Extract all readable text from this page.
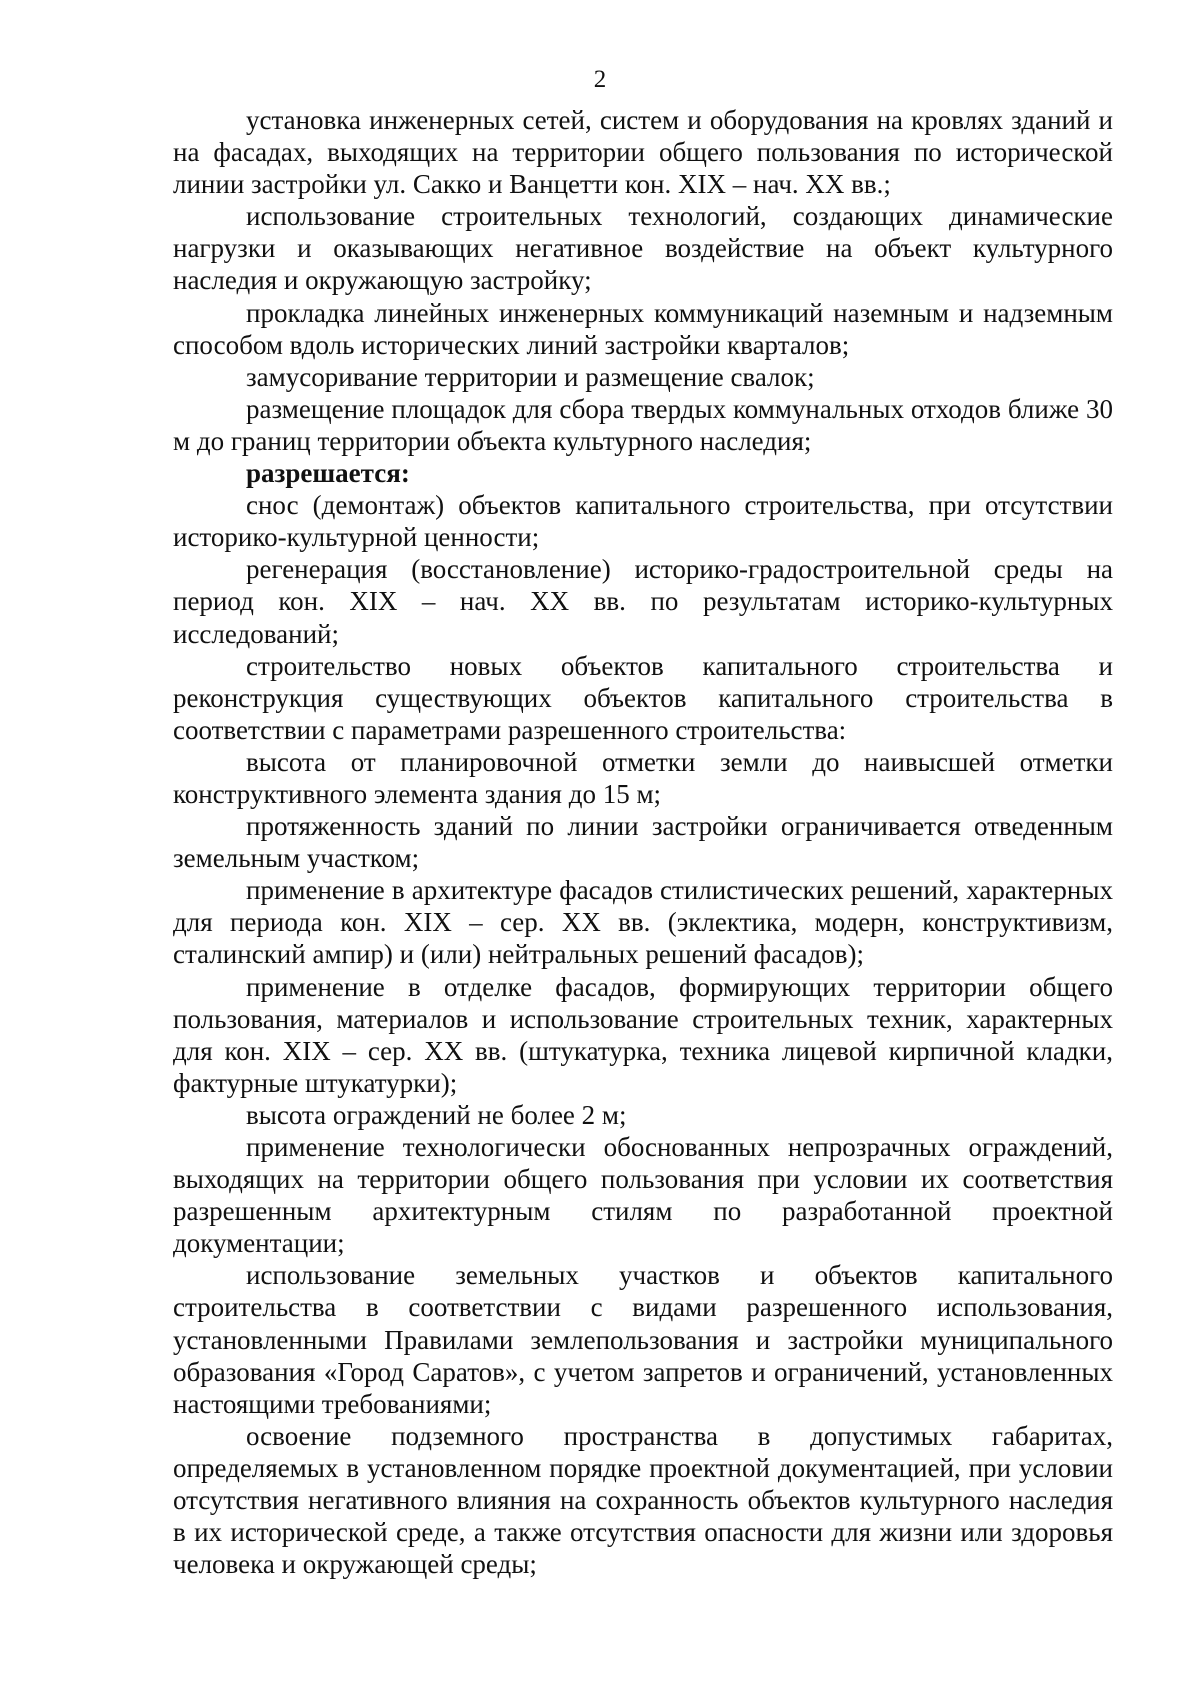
2

установка инженерных сетей, систем и оборудования на кровлях зданий и на фасадах, выходящих на территории общего пользования по исторической линии застройки ул. Сакко и Ванцетти кон. XIX – нач. XX вв.;

использование строительных технологий, создающих динамические нагрузки и оказывающих негативное воздействие на объект культурного наследия и окружающую застройку;

прокладка линейных инженерных коммуникаций наземным и надземным способом вдоль исторических линий застройки кварталов;

замусоривание территории и размещение свалок;

размещение площадок для сбора твердых коммунальных отходов ближе 30 м до границ территории объекта культурного наследия;

разрешается:

снос (демонтаж) объектов капитального строительства, при отсутствии историко-культурной ценности;

регенерация (восстановление) историко-градостроительной среды на период кон. XIX – нач. XX вв. по результатам историко-культурных исследований;

строительство новых объектов капитального строительства и реконструкция существующих объектов капитального строительства в соответствии с параметрами разрешенного строительства:

высота от планировочной отметки земли до наивысшей отметки конструктивного элемента здания до 15 м;

протяженность зданий по линии застройки ограничивается отведенным земельным участком;

применение в архитектуре фасадов стилистических решений, характерных для периода кон. XIX – сер. XX вв. (эклектика, модерн, конструктивизм, сталинский ампир) и (или) нейтральных решений фасадов);

применение в отделке фасадов, формирующих территории общего пользования, материалов и использование строительных техник, характерных для кон. XIX – сер. XX вв. (штукатурка, техника лицевой кирпичной кладки, фактурные штукатурки);

высота ограждений не более 2 м;

применение технологически обоснованных непрозрачных ограждений, выходящих на территории общего пользования при условии их соответствия разрешенным архитектурным стилям по разработанной проектной документации;

использование земельных участков и объектов капитального строительства в соответствии с видами разрешенного использования, установленными Правилами землепользования и застройки муниципального образования «Город Саратов», с учетом запретов и ограничений, установленных настоящими требованиями;

освоение подземного пространства в допустимых габаритах, определяемых в установленном порядке проектной документацией, при условии отсутствия негативного влияния на сохранность объектов культурного наследия в их исторической среде, а также отсутствия опасности для жизни или здоровья человека и окружающей среды;
